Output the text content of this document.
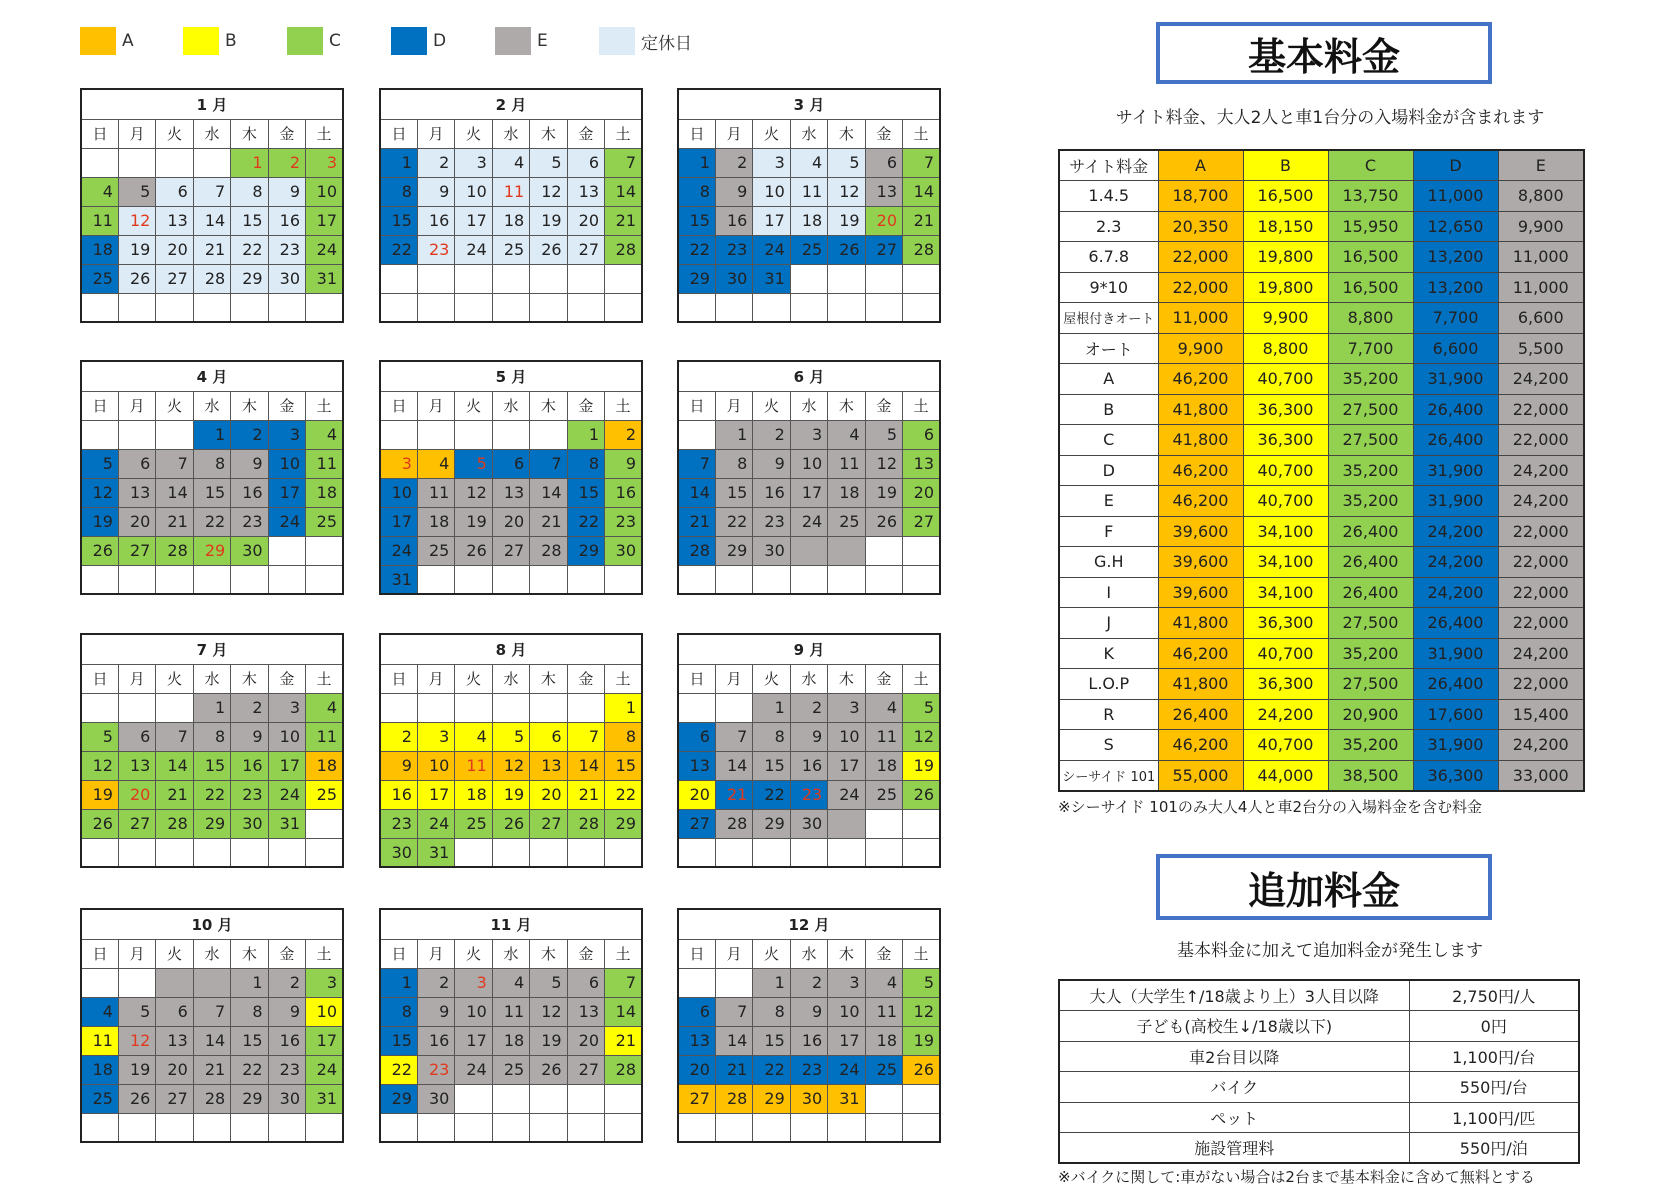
A	B	C	D	E	定休日
1 月						
日	月	火	水	木	金	土
				1	2	3
4	5	6	7	8	9	10
11	12	13	14	15	16	17
18	19	20	21	22	23	24
25	26	27	28	29	30	31

2 月						
日	月	火	水	木	金	土
1	2	3	4	5	6	7
8	9	10	11	12	13	14
15	16	17	18	19	20	21
22	23	24	25	26	27	28

3 月						
日	月	火	水	木	金	土
1	2	3	4	5	6	7
8	9	10	11	12	13	14
15	16	17	18	19	20	21
22	23	24	25	26	27	28
29	30	31				

4 月						
日	月	火	水	木	金	土
			1	2	3	4
5	6	7	8	9	10	11
12	13	14	15	16	17	18
19	20	21	22	23	24	25
26	27	28	29	30		

5 月						
日	月	火	水	木	金	土
					1	2
3	4	5	6	7	8	9
10	11	12	13	14	15	16
17	18	19	20	21	22	23
24	25	26	27	28	29	30
31						
6 月						
日	月	火	水	木	金	土
	1	2	3	4	5	6
7	8	9	10	11	12	13
14	15	16	17	18	19	20
21	22	23	24	25	26	27
28	29	30				

7 月						
日	月	火	水	木	金	土
			1	2	3	4
5	6	7	8	9	10	11
12	13	14	15	16	17	18
19	20	21	22	23	24	25
26	27	28	29	30	31	

8 月						
日	月	火	水	木	金	土
						1
2	3	4	5	6	7	8
9	10	11	12	13	14	15
16	17	18	19	20	21	22
23	24	25	26	27	28	29
30	31					
9 月						
日	月	火	水	木	金	土
		1	2	3	4	5
6	7	8	9	10	11	12
13	14	15	16	17	18	19
20	21	22	23	24	25	26
27	28	29	30			

10 月						
日	月	火	水	木	金	土
				1	2	3
4	5	6	7	8	9	10
11	12	13	14	15	16	17
18	19	20	21	22	23	24
25	26	27	28	29	30	31

11 月						
日	月	火	水	木	金	土
1	2	3	4	5	6	7
8	9	10	11	12	13	14
15	16	17	18	19	20	21
22	23	24	25	26	27	28
29	30					

12 月						
日	月	火	水	木	金	土
		1	2	3	4	5
6	7	8	9	10	11	12
13	14	15	16	17	18	19
20	21	22	23	24	25	26
27	28	29	30	31		

基本料金
サイト料金、大人2人と車1台分の入場料金が含まれます
サイト料金	A	B	C	D	E
1.4.5	18,700	16,500	13,750	11,000	8,800
2.3	20,350	18,150	15,950	12,650	9,900
6.7.8	22,000	19,800	16,500	13,200	11,000
9*10	22,000	19,800	16,500	13,200	11,000
屋根付きオート	11,000	9,900	8,800	7,700	6,600
オート	9,900	8,800	7,700	6,600	5,500
A	46,200	40,700	35,200	31,900	24,200
B	41,800	36,300	27,500	26,400	22,000
C	41,800	36,300	27,500	26,400	22,000
D	46,200	40,700	35,200	31,900	24,200
E	46,200	40,700	35,200	31,900	24,200
F	39,600	34,100	26,400	24,200	22,000
G.H	39,600	34,100	26,400	24,200	22,000
I	39,600	34,100	26,400	24,200	22,000
J	41,800	36,300	27,500	26,400	22,000
K	46,200	40,700	35,200	31,900	24,200
L.O.P	41,800	36,300	27,500	26,400	22,000
R	26,400	24,200	20,900	17,600	15,400
S	46,200	40,700	35,200	31,900	24,200
シーサイド 101	55,000	44,000	38,500	36,300	33,000
※シーサイド 101のみ大人4人と車2台分の入場料金を含む料金
追加料金
基本料金に加えて追加料金が発生します
大人（大学生↑/18歳より上）3人目以降	2,750円/人
子ども(高校生↓/18歳以下)	0円
車2台目以降	1,100円/台
バイク	550円/台
ペット	1,100円/匹
施設管理料	550円/泊
※バイクに関して:車がない場合は2台まで基本料金に含めて無料とする
